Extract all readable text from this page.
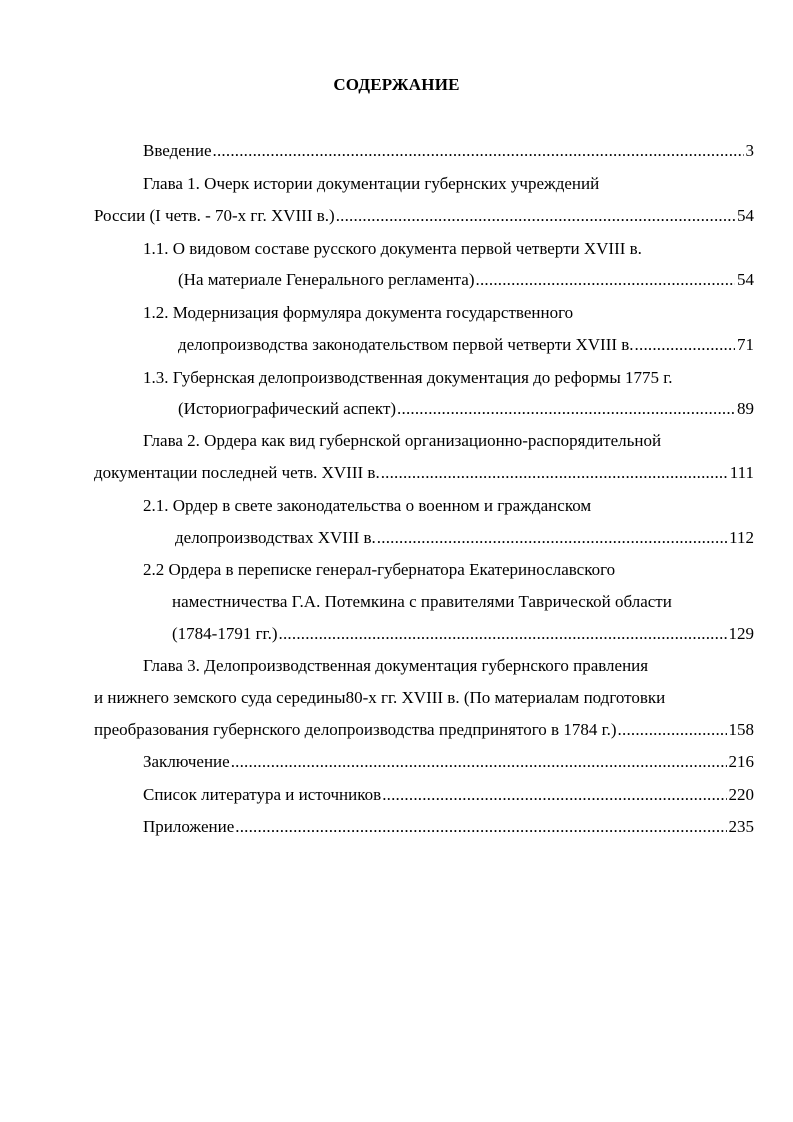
СОДЕРЖАНИЕ
Введение .....	3
Глава 1. Очерк истории документации губернских учреждений
России (I четв. - 70-х гг. XVIII в.) .....	54
1.1. О видовом составе русского документа первой четверти XVIII в.
(На материале Генерального регламента) .....	54
1.2. Модернизация формуляра документа государственного
делопроизводства законодательством первой четверти XVIII в. .....	71
1.3. Губернская делопроизводственная документация до реформы 1775 г.
(Историографический аспект) .....	89
Глава 2. Ордера как вид губернской организационно-распорядительной
документации последней четв. XVIII в. .....	111
2.1. Ордер в свете законодательства о военном и гражданском
делопроизводствах XVIII в. .....	112
2.2 Ордера в переписке генерал-губернатора Екатеринославского
наместничества Г.А. Потемкина с правителями Таврической области
(1784-1791 гг.) .....	129
Глава 3. Делопроизводственная документация губернского правления
и нижнего земского суда середины80-х гг. XVIII в. (По материалам подготовки
преобразования губернского делопроизводства предпринятого в 1784 г.) .....	158
Заключение .....	216
Список литература и источников .....	220
Приложение .....	235
